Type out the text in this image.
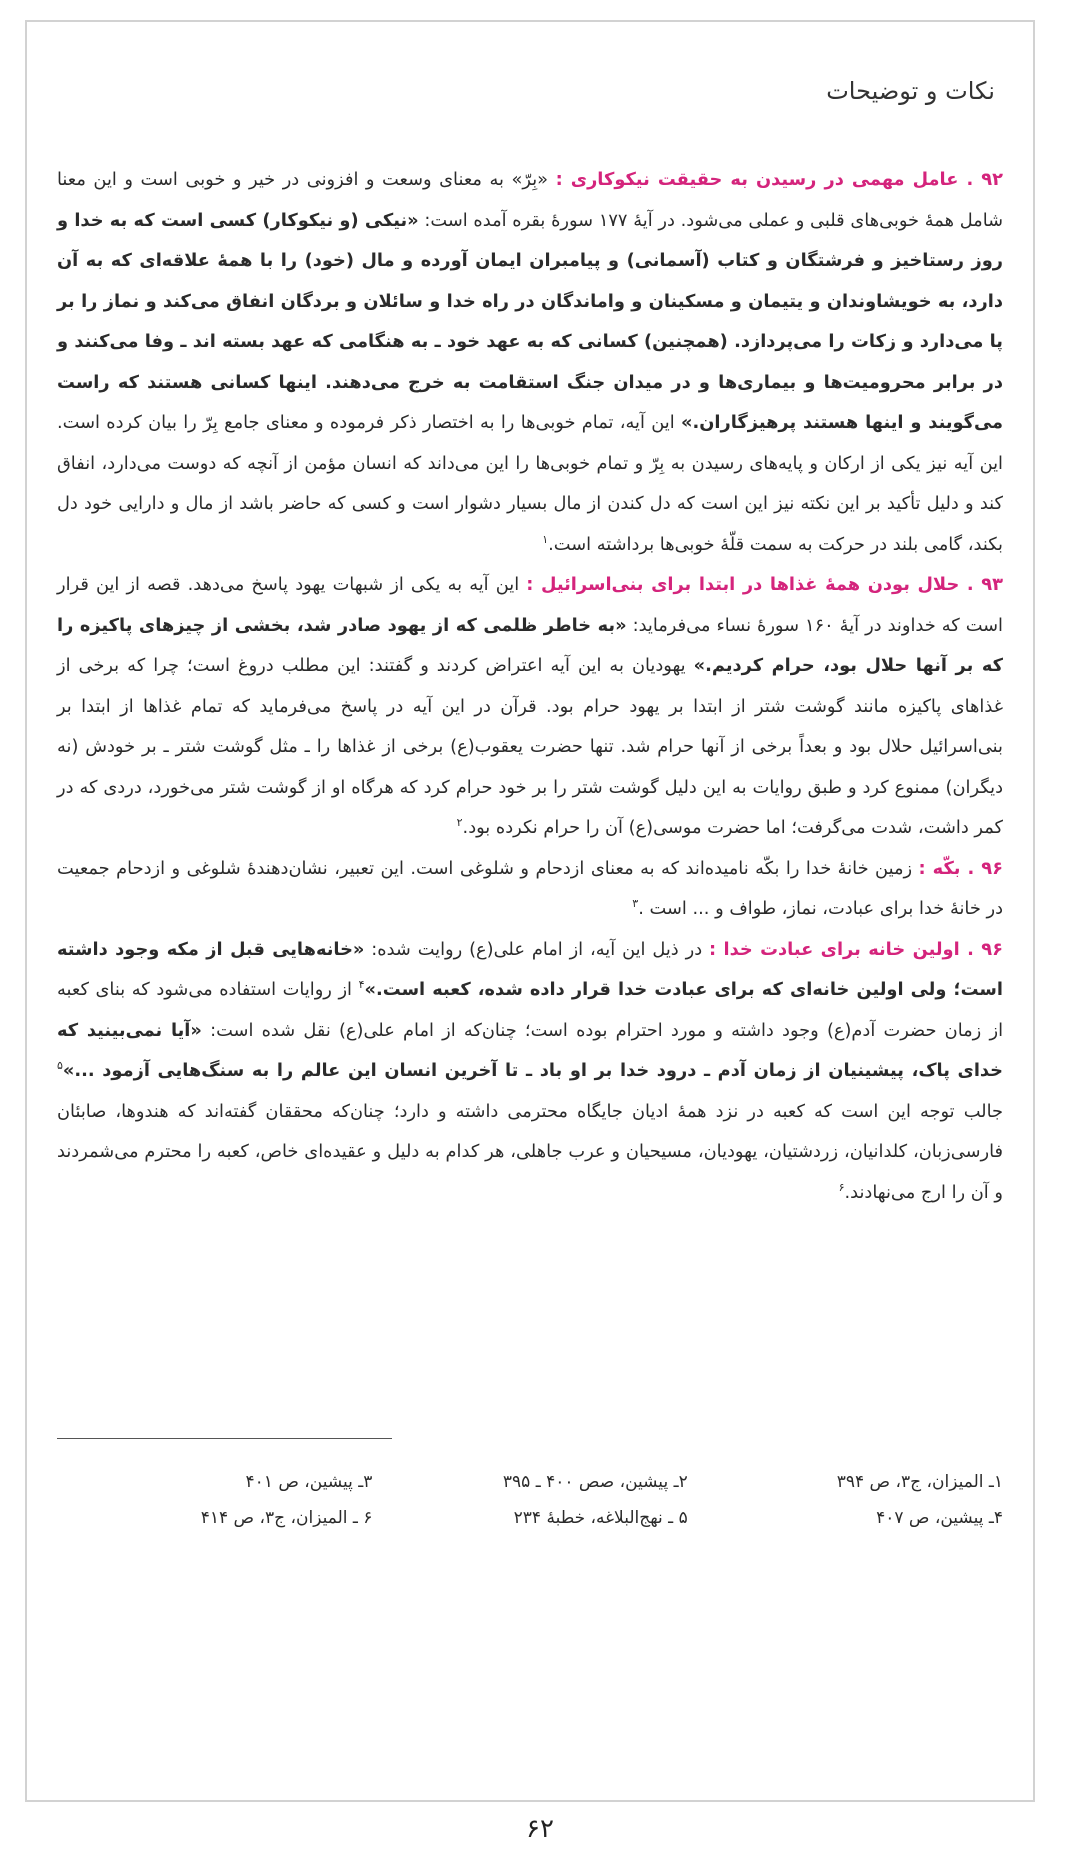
نکات و توضیحات

۹۲ . عامل مهمی در رسیدن به حقیقت نیکوکاری : «بِرّ» به معنای وسعت و افزونی در خیر و خوبی است و این معنا شامل همهٔ خوبی‌های قلبی و عملی می‌شود. در آیهٔ ۱۷۷ سورهٔ بقره آمده است: «نیکی (و نیکوکار) کسی است که به خدا و روز رستاخیز و فرشتگان و کتاب (آسمانی) و پیامبران ایمان آورده و مال (خود) را با همهٔ علاقه‌ای که به آن دارد، به خویشاوندان و یتیمان و مسکینان و واماندگان در راه خدا و سائلان و بردگان انفاق می‌کند و نماز را بر پا می‌دارد و زکات را می‌پردازد. (همچنین) کسانی که به عهد خود ـ به هنگامی که عهد بسته اند ـ وفا می‌کنند و در برابر محرومیت‌ها و بیماری‌ها و در میدان جنگ استقامت به خرج می‌دهند. اینها کسانی هستند که راست می‌گویند و اینها هستند پرهیزگاران.» این آیه، تمام خوبی‌ها را به اختصار ذکر فرموده و معنای جامع بِرّ را بیان کرده است. این آیه نیز یکی از ارکان و پایه‌های رسیدن به بِرّ و تمام خوبی‌ها را این می‌داند که انسان مؤمن از آنچه که دوست می‌دارد، انفاق کند و دلیل تأکید بر این نکته نیز این است که دل کندن از مال بسیار دشوار است و کسی که حاضر باشد از مال و دارایی خود دل بکند، گامی بلند در حرکت به سمت قلّهٔ خوبی‌ها برداشته است.$^۱$

۹۳ . حلال بودن همهٔ غذاها در ابتدا برای بنی‌اسرائیل : این آیه به یکی از شبهات یهود پاسخ می‌دهد. قصه از این قرار است که خداوند در آیهٔ ۱۶۰ سورهٔ نساء می‌فرماید: «به خاطر ظلمی که از یهود صادر شد، بخشی از چیزهای پاکیزه را که بر آنها حلال بود، حرام کردیم.» یهودیان به این آیه اعتراض کردند و گفتند: این مطلب دروغ است؛ چرا که برخی از غذاهای پاکیزه مانند گوشت شتر از ابتدا بر یهود حرام بود. قرآن در این آیه در پاسخ می‌فرماید که تمام غذاها از ابتدا بر بنی‌اسرائیل حلال بود و بعداً برخی از آنها حرام شد. تنها حضرت یعقوب(ع) برخی از غذاها را ـ مثل گوشت شتر ـ بر خودش (نه دیگران) ممنوع کرد و طبق روایات به این دلیل گوشت شتر را بر خود حرام کرد که هرگاه او از گوشت شتر می‌خورد، دردی که در کمر داشت، شدت می‌گرفت؛ اما حضرت موسی(ع) آن را حرام نکرده بود.$^۲$

۹۶ . بکّه : زمین خانهٔ خدا را بکّه نامیده‌اند که به معنای ازدحام و شلوغی است. این تعبیر، نشان‌دهندهٔ شلوغی و ازدحام جمعیت در خانهٔ خدا برای عبادت، نماز، طواف و ... است .$^۳$

۹۶ . اولین خانه برای عبادت خدا : در ذیل این آیه، از امام علی(ع) روایت شده: «خانه‌هایی قبل از مکه وجود داشته است؛ ولی اولین خانه‌ای که برای عبادت خدا قرار داده شده، کعبه است.»$^۴$ از روایات استفاده می‌شود که بنای کعبه از زمان حضرت آدم(ع) وجود داشته و مورد احترام بوده است؛ چنان‌که از امام علی(ع) نقل شده است: «آیا نمی‌بینید که خدای پاک، پیشینیان از زمان آدم ـ درود خدا بر او باد ـ تا آخرین انسان این عالم را به سنگ‌هایی آزمود ...»$^۵$ جالب توجه این است که کعبه در نزد همهٔ ادیان جایگاه محترمی داشته و دارد؛ چنان‌که محققان گفته‌اند که هندوها، صابئان فارسی‌زبان، کلدانیان، زردشتیان، یهودیان، مسیحیان و عرب جاهلی، هر کدام به دلیل و عقیده‌ای خاص، کعبه را محترم می‌شمردند و آن را ارج می‌نهادند.$^۶$

۱ـ المیزان، ج۳، ص ۳۹۴
۲ـ پیشین، صص ۴۰۰ ـ ۳۹۵
۳ـ پیشین، ص ۴۰۱
۴ـ پیشین، ص ۴۰۷
۵ ـ نهج‌البلاغه، خطبهٔ ۲۳۴
۶ ـ المیزان، ج۳، ص ۴۱۴
۶۲
